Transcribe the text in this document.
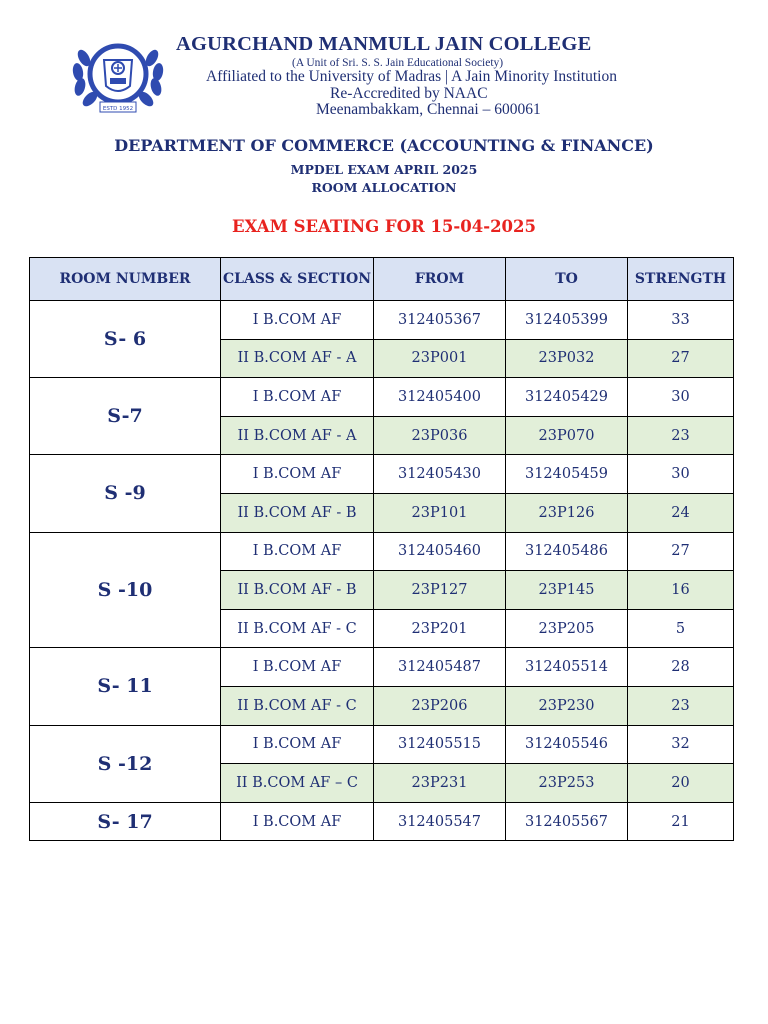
ESTD 1952
AGURCHAND MANMULL JAIN COLLEGE
(A Unit of Sri. S. S. Jain Educational Society)
Affiliated to the University of Madras | A Jain Minority Institution
Re-Accredited by NAAC
Meenambakkam, Chennai – 600061
DEPARTMENT OF COMMERCE (ACCOUNTING & FINANCE)
MPDEL EXAM APRIL 2025
ROOM ALLOCATION
EXAM SEATING FOR 15-04-2025
ROOM NUMBER	CLASS & SECTION	FROM	TO	STRENGTH
S- 6	I B.COM AF	312405367	312405399	33
	II B.COM AF - A	23P001	23P032	27
S-7	I B.COM AF	312405400	312405429	30
	II B.COM AF - A	23P036	23P070	23
S -9	I B.COM AF	312405430	312405459	30
	II B.COM AF - B	23P101	23P126	24
S -10	I B.COM AF	312405460	312405486	27
	II B.COM AF - B	23P127	23P145	16
	II B.COM AF - C	23P201	23P205	5
S- 11	I B.COM AF	312405487	312405514	28
	II B.COM AF - C	23P206	23P230	23
S -12	I B.COM AF	312405515	312405546	32
	II B.COM AF – C	23P231	23P253	20
S- 17	I B.COM AF	312405547	312405567	21
